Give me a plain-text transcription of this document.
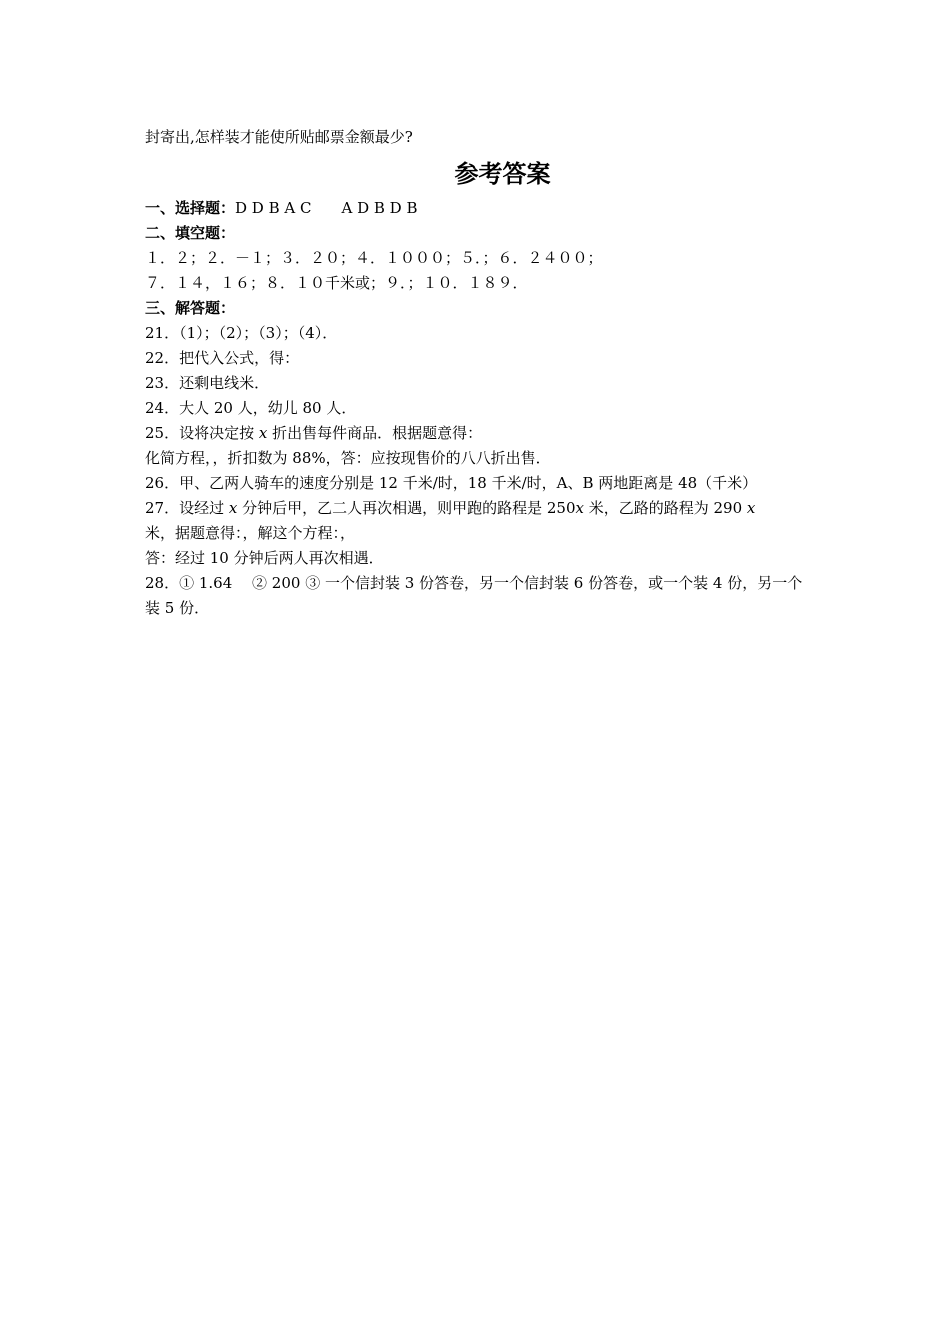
封寄出,怎样装才能使所贴邮票金额最少?
参考答案
一、选择题：D D B A C　　A D B D B
二、填空题：
１．２；２．－１；３．２０；４．１０００；５．；６．２４００；
７．１４，１６；８．１０千米或；９．；１０．１８９．
三、解答题：
21．（1）；（2）；（3）；（4）．
22．把代入公式，得：
23．还剩电线米．
24．大人 20 人，幼儿 80 人．
25．设将决定按 x 折出售每件商品．根据题意得：
化简方程，，折扣数为 88%，答：应按现售价的八八折出售．
26．甲、乙两人骑车的速度分别是 12 千米/时，18 千米/时，A、B 两地距离是 48（千米）
27．设经过 x 分钟后甲，乙二人再次相遇，则甲跑的路程是 250x 米，乙路的路程为 290 x
米，据题意得：，解这个方程：，
答：经过 10 分钟后两人再次相遇．
28．① 1.64 　② 200 ③ 一个信封装 3 份答卷，另一个信封装 6 份答卷，或一个装 4 份，另一个装 5 份．
